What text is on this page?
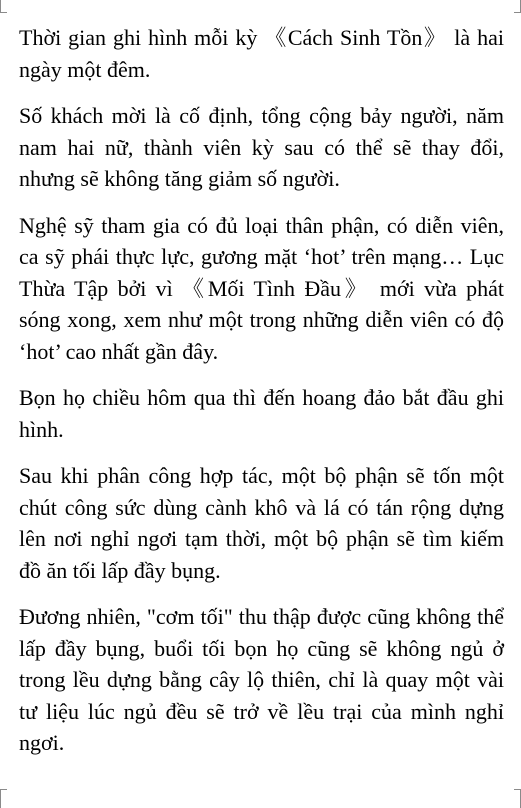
Thời gian ghi hình mỗi kỳ 《Cách Sinh Tồn》 là hai ngày một đêm.

Số khách mời là cố định, tổng cộng bảy người, năm nam hai nữ, thành viên kỳ sau có thể sẽ thay đổi, nhưng sẽ không tăng giảm số người.

Nghệ sỹ tham gia có đủ loại thân phận, có diễn viên, ca sỹ phái thực lực, gương mặt ‘hot’ trên mạng… Lục Thừa Tập bởi vì 《Mối Tình Đầu》 mới vừa phát sóng xong, xem như một trong những diễn viên có độ ‘hot’ cao nhất gần đây.

Bọn họ chiều hôm qua thì đến hoang đảo bắt đầu ghi hình.

Sau khi phân công hợp tác, một bộ phận sẽ tốn một chút công sức dùng cành khô và lá có tán rộng dựng lên nơi nghỉ ngơi tạm thời, một bộ phận sẽ tìm kiếm đồ ăn tối lấp đầy bụng.

Đương nhiên, "cơm tối" thu thập được cũng không thể lấp đầy bụng, buổi tối bọn họ cũng sẽ không ngủ ở trong lều dựng bằng cây lộ thiên, chỉ là quay một vài tư liệu lúc ngủ đều sẽ trở về lều trại của mình nghỉ ngơi.
